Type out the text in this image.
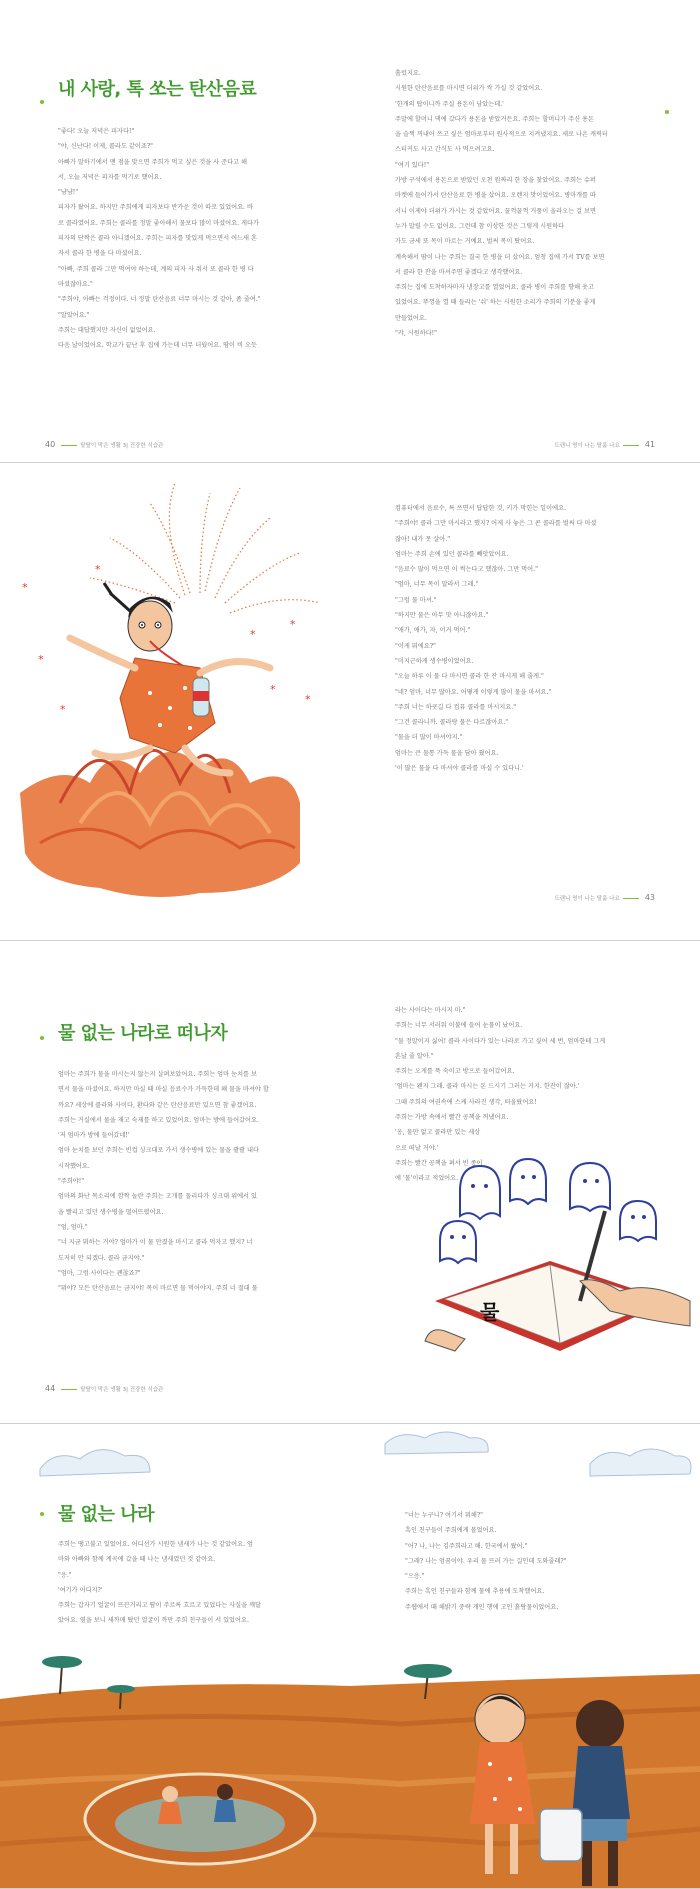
내 사랑, 톡 쏘는 탄산음료

"좋다! 오늘 저녁은 피자다!"

"야, 신난다! 이제, 콜라도 같이죠?"

아빠가 말하기에서 맨 점을 맞으면 주희가 먹고 싶은 것을 사 준다고 해

서, 오늘 저녁은 피자를 먹기로 했어요.

"냠냠!"

피자가 왔어요. 하지만 주희에게 피자보다 반가운 것이 따로 있었어요. 바

로 콜라였어요. 주희는 콜라를 정말 좋아해서 물보다 많이 마셨어요. 게다가

피자의 단짝은 콜라 아니겠어요. 주희는 피자를 맛있게 먹으면서 어느새 혼

자서 콜라 한 병을 다 마셨어요.

"아빠, 주희 콜라 그만 먹여야 하는데, 계의 피자 사 줘서 또 콜라 한 병 다

마셨잖아요."

"주희야, 아빠는 걱정이다. 너 정말 탄산음료 너무 마시는 것 같아, 좀 줄여."

"알았어요."

주희는 대답했지만 자신이 없었어요.

다음 날이었어요. 학교가 끝난 후 집에 가는데 너무 더웠어요. 땀이 비 오듯

흘렀지요.

시원한 탄산음료를 마시면 더위가 싹 가실 것 같았어요.

'한개의 탑이니까 주실 용돈이 남았는데.'

주말에 할머니 댁에 갔다가 용돈을 받았거든요. 주희는 할머니가 주신 용돈

을 슬쩍 꺼내어 쓰고 싶은 엄마로부터 원사적으로 지켜냈지요. 새로 나온 캐릭터

스티커도 사고 간식도 사 먹으려고요.

"여기 있다!"

가방 구석에서 용돈으로 받았던 오천 원짜리 한 장을 찾았어요. 주희는 슈퍼

마켓에 들어가서 탄산음료 한 병을 샀어요. 오렌지 맛이었어요. 병마개를 따

서니 이제야 더위가 가시는 것 같았어요. 꿀꺽꿀꺽 거품이 올라오는 걸 보면

누가 말릴 수도 없어요. 그런데 참 이상한 것은 그렇게 시원하다

가도 금세 또 목이 마르는 거예요. 벌써 목이 탔어요.

계속해서 땀이 나는 주희는 결국 한 병을 더 샀어요. 엄청 집에 가서 TV를 보면

서 콜라 한 잔을 마셔주면 좋겠다고 생각했어요.

주희는 집에 도착하자마자 냉장고를 열었어요. 콜라 병이 주희를 향해 웃고

있었어요. 뚜껑을 열 때 들리는 '쉬' 하는 시원한 소리가 주희의 기분을 좋게

만들었어요.

"캬, 시원하다!"

40	탈탈이 막은 생활 3| 건강한 식습관	도랜니 명이 나는 탈룸 나요	41
*
*
*
*
*
*
*
*

컴퓨터에서 음료수, 특 쓰면서 답답한 것, 키가 막힌는 일이에요.

"주희야! 콜라 그만 마시라고 했지? 어제 사 놓은 그 콘 콜라를 벌써 다 마셨

잖아! 내가 못 살아."

엄마는 주희 손에 있던 콜라를 빼앗았어요.

"음료수 많이 먹으면 이 썩는다고 했잖아. 그만 먹어."

"엄마, 너무 목이 말라서 그래."

"그럼 물 마셔."

"하지만 물은 아무 맛 아니잖아요."

"애가, 애가, 자, 이거 먹어."

"이게 뭐에요?"

"미지근하게 생수병이었어요.

"오늘 하루 이 물 다 마시면 콜라 한 잔 마시게 해 줄게."

"네? 엄마, 너무 많아요. 어떻게 이렇게 많이 물을 마셔요."

"주희 너는 하굣길 다 컴퓨 콜라를 마시지요."

"그건 콜라니까. 콜라랑 물은 다르잖아요."

"물을 더 많이 마셔야지."

엄마는 큰 물통 가득 물을 담아 줬어요.

'이 많은 물을 다 마셔야 콜라를 마실 수 있다니.'

도랜니 명이 나는 탈룸 나요	43
물 없는 나라로 떠나자

엄마는 주희가 물을 마시는지 않는지 살펴보았어요. 주희는 엄마 눈치를 보

면서 물을 마셨어요. 하지만 마실 때 마실 음료수가 가득한데 왜 물을 마셔야 할

까요? 세상에 콜라와 사이다, 환타와 같은 탄산음료만 있으면 참 좋겠어요.

주희는 거실에서 물을 재고 숙제를 하고 있었어요. 엄마는 방에 들어갔어요.

'저 엄마가 방에 들어갔네!'

엄마 눈치를 보던 주희는 빈컵 싱크대로 가서 생수병에 있는 물을 콸콸 내다

시작했어요.

"주희야!"

엄마의 화난 목소리에 깜짝 놀란 주희는 고개를 돌리다가 싱크대 위에서 있

을 빨리고 있던 생수병을 떨어뜨렸어요.

"엄, 엄마."

"너 지금 뭐하는 거야? 엄마가 이 물 안겼을 마시고 콜라 먹자고 했지? 너

도저히 안 되겠다. 콜라 금지야."

"엄마, 그럼 사이다는 괜찮죠?"

"뭐야? 모든 탄산음료는 금지야! 목이 마르면 물 먹어야지. 주희 너 절대 물

라는 사이다는 마시지 마."

주희는 너무 서러워 이불에 들어 눈물이 났어요.

"물 정말이지 싫어! 콜라 사이다가 있는 나라로 가고 싶어 세 번, 엄마한테 그게

혼날 줄 알아."

주희는 오게를 푹 숙이고 방으로 들어갔어요.

'엄마는 왠지 그래. 콜라 마시는 돈 드시기 그러는 거지. 한잔이 잖아.'

그때 주희의 여권속에 스케 사라진 생각, 떠올랐어요!

주희는 가방 속에서 빨간 공책을 꺼냈어요.

'옹, 물만 없고 콜라만 있는 세상

으로 떠날 거야.'

주희는 빨간 공책을 펴서 빈 종이

에 '물'이라고 적었어요.

물
44	탈탈이 막은 생활 3| 건강한 식습관
물 없는 나라

주희는 땡고불고 있었어요. 어디선가 시원한 냄새가 나는 것 같았어요. 엄

마와 아빠와 함께 계곡에 갔을 때 나는 냄새였던 것 같아요.

"응."

'여기가 어디지?'

주희는 갑자기 얼굴이 뜨끈거리고 땀이 주르륵 흐르고 있었다는 사실을 깨달

았어요. 옆을 보니 새까매 탔던 얼굴이 까만 주희 친구들이 서 있었어요.

"너는 누구니? 여기서 뭐해?"

흑인 친구들이 주희에게 물었어요.

"어? 나, 나는 김주희라고 해. 한국에서 왔어."

"그래? 나는 엄꿈이야. 우리 물 뜨러 가는 길인데 도와줄래?"

"으응."

주희는 흑인 친구들과 함께 물에 추용에 도착했어요.

주웹에서 때 해밝기 중략 개인 행에 고인 흙탕물이었어요.
